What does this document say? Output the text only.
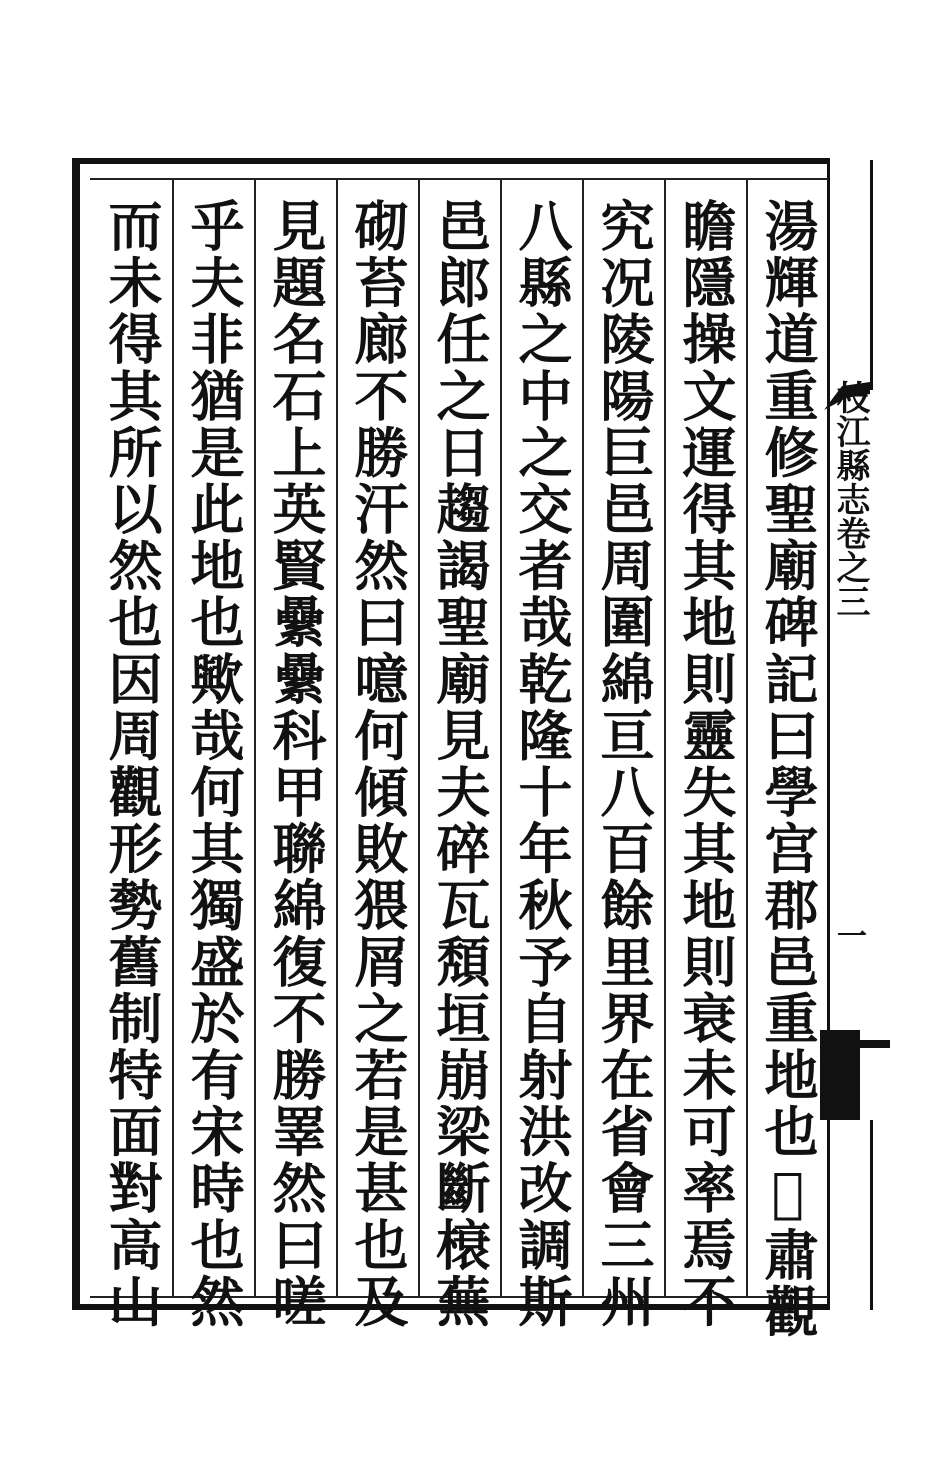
湯輝道重修聖廟碑記曰學宫郡邑重地也𫝀肅觀
瞻隱操文運得其地則靈失其地則衰未可率焉不
究况陵陽巨邑周圍綿亘八百餘里界在省會三州
八縣之中之交者哉乾隆十年秋予自射洪改調斯
邑郎任之日趨謁聖廟見夫碎瓦頽垣崩梁斷榱蕪
砌苔廊不勝汗然曰噫何傾敗猥屑之若是甚也及
見題名石上英賢纍纍科甲聯綿復不勝睪然曰嗟
乎夫非猶是此地也歟哉何其獨盛於有宋時也然
而未得其所以然也因周觀形勢舊制特面對高山	枝江縣志卷之三
一
